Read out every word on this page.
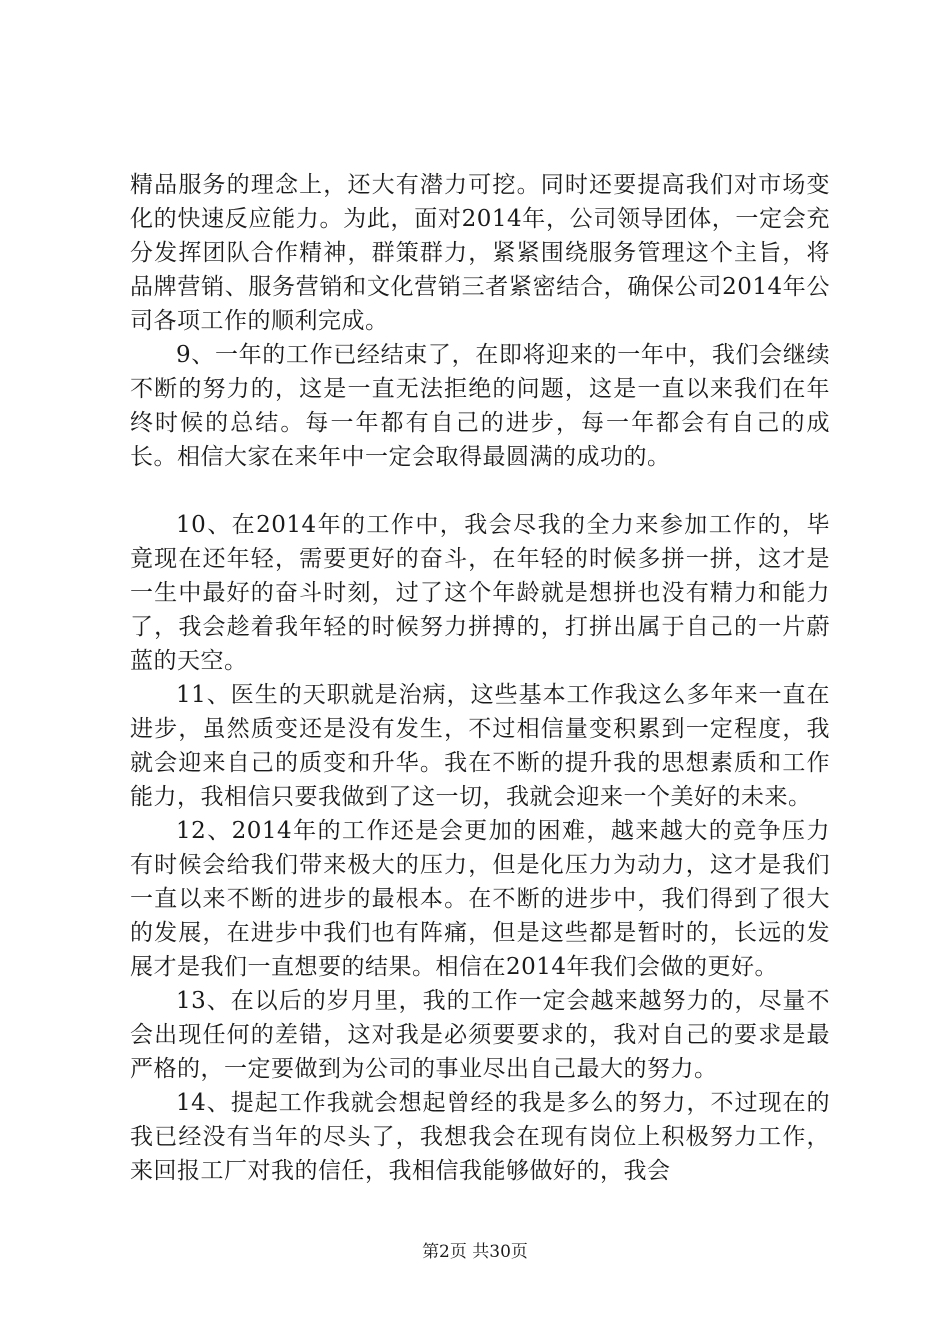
精品服务的理念上，还大有潜力可挖。同时还要提高我们对市场变化的快速反应能力。为此，面对2014年，公司领导团体，一定会充分发挥团队合作精神，群策群力，紧紧围绕服务管理这个主旨，将品牌营销、服务营销和文化营销三者紧密结合，确保公司2014年公司各项工作的顺利完成。

9、一年的工作已经结束了，在即将迎来的一年中，我们会继续不断的努力的，这是一直无法拒绝的问题，这是一直以来我们在年终时候的总结。每一年都有自己的进步，每一年都会有自己的成长。相信大家在来年中一定会取得最圆满的成功的。

10、在2014年的工作中，我会尽我的全力来参加工作的，毕竟现在还年轻，需要更好的奋斗，在年轻的时候多拼一拼，这才是一生中最好的奋斗时刻，过了这个年龄就是想拼也没有精力和能力了，我会趁着我年轻的时候努力拼搏的，打拼出属于自己的一片蔚蓝的天空。

11、医生的天职就是治病，这些基本工作我这么多年来一直在进步，虽然质变还是没有发生，不过相信量变积累到一定程度，我就会迎来自己的质变和升华。我在不断的提升我的思想素质和工作能力，我相信只要我做到了这一切，我就会迎来一个美好的未来。

12、2014年的工作还是会更加的困难，越来越大的竞争压力有时候会给我们带来极大的压力，但是化压力为动力，这才是我们一直以来不断的进步的最根本。在不断的进步中，我们得到了很大的发展，在进步中我们也有阵痛，但是这些都是暂时的，长远的发展才是我们一直想要的结果。相信在2014年我们会做的更好。

13、在以后的岁月里，我的工作一定会越来越努力的，尽量不会出现任何的差错，这对我是必须要要求的，我对自己的要求是最严格的，一定要做到为公司的事业尽出自己最大的努力。

14、提起工作我就会想起曾经的我是多么的努力，不过现在的我已经没有当年的尽头了，我想我会在现有岗位上积极努力工作，来回报工厂对我的信任，我相信我能够做好的，我会

第2页 共30页
